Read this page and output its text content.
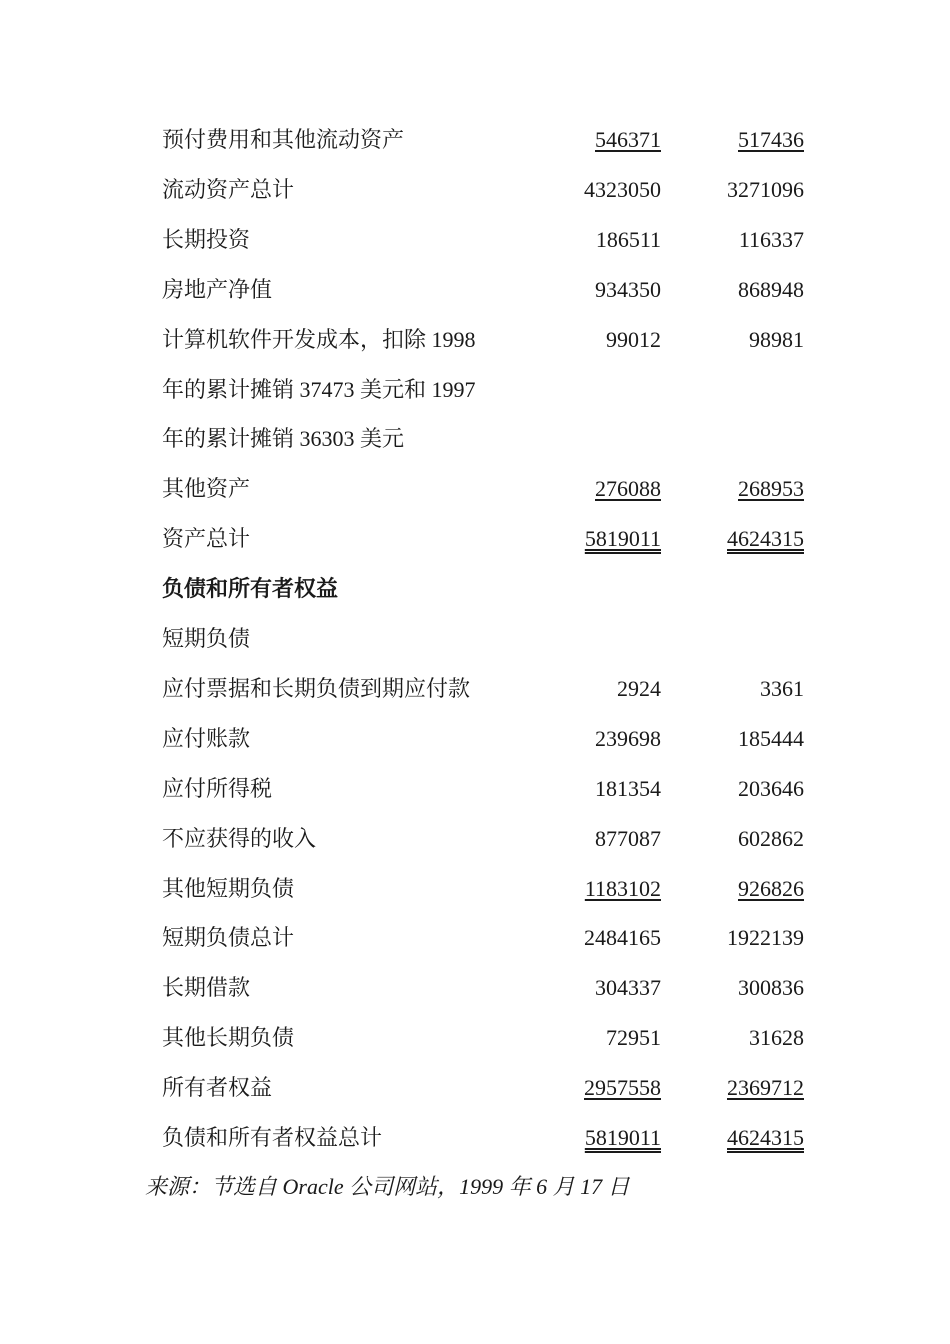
预付费用和其他流动资产	546371	517436
流动资产总计	4323050	3271096
长期投资	186511	116337
房地产净值	934350	868948
计算机软件开发成本，扣除 1998	99012	98981
年的累计摊销 37473 美元和 1997
年的累计摊销 36303 美元
其他资产	276088	268953
资产总计	5819011	4624315
负债和所有者权益
短期负债
应付票据和长期负债到期应付款	2924	3361
应付账款	239698	185444
应付所得税	181354	203646
不应获得的收入	877087	602862
其他短期负债	1183102	926826
短期负债总计	2484165	1922139
长期借款	304337	300836
其他长期负债	72951	31628
所有者权益	2957558	2369712
负债和所有者权益总计	5819011	4624315
来源：节选自 Oracle 公司网站，1999 年 6 月 17 日
